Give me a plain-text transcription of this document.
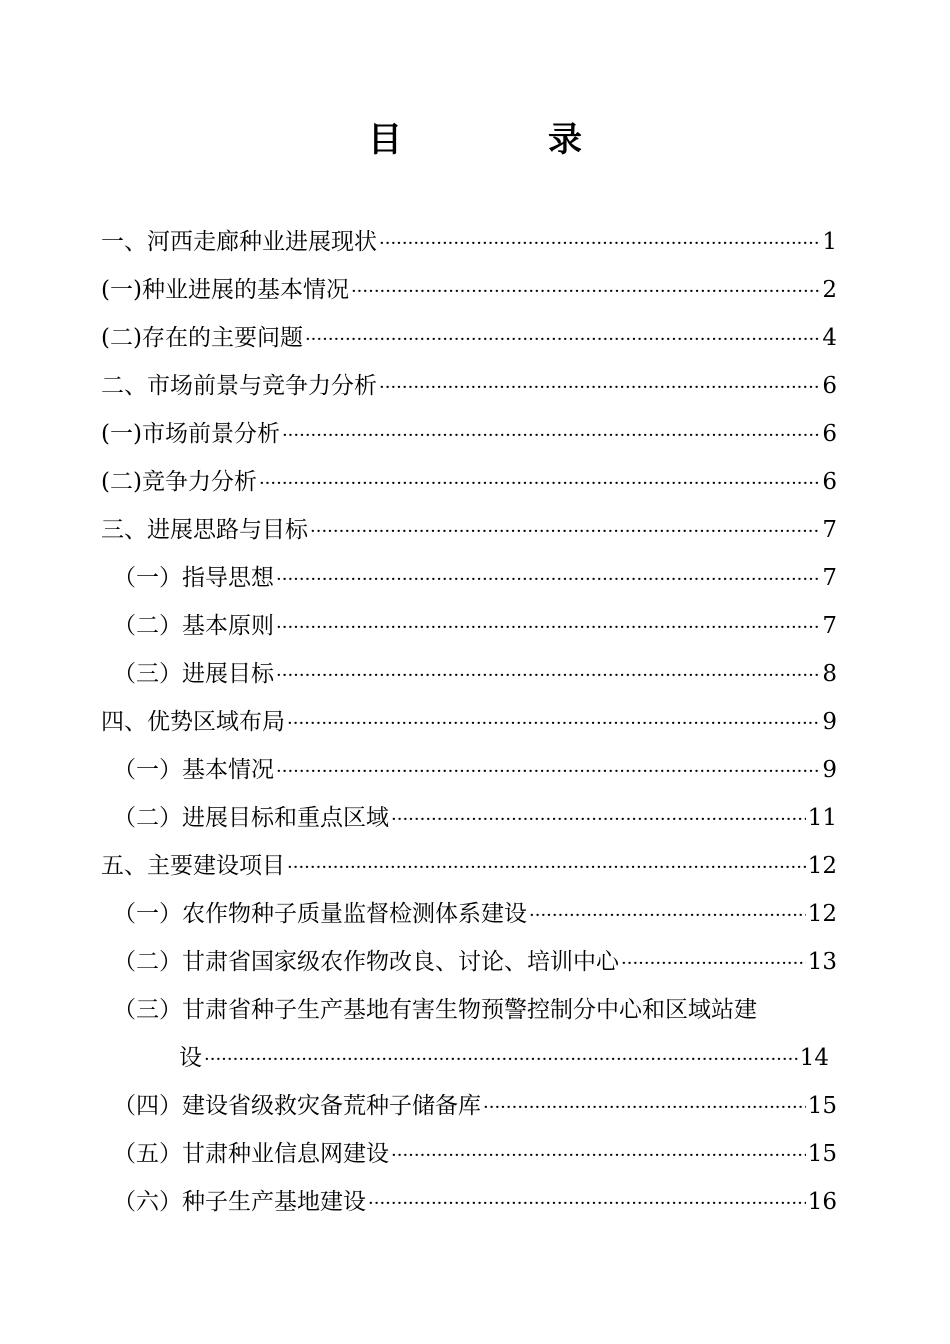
目　录
一、河西走廊种业进展现状 ·····	1
(一)种业进展的基本情况 ·····	2
(二)存在的主要问题 ·····	4
二、市场前景与竞争力分析 ·····	6
(一)市场前景分析 ·····	6
(二)竞争力分析 ·····	6
三、进展思路与目标 ·····	7
（一）指导思想 ·····	7
（二）基本原则 ·····	7
（三）进展目标 ·····	8
四、优势区域布局 ·····	9
（一）基本情况 ·····	9
（二）进展目标和重点区域 ·····	11
五、主要建设项目 ·····	12
（一）农作物种子质量监督检测体系建设 ·····	12
（二）甘肃省国家级农作物改良、讨论、培训中心 ·····	13
（三）甘肃省种子生产基地有害生物预警控制分中心和区域站建
设 ·····	14
（四）建设省级救灾备荒种子储备库 ·····	15
（五）甘肃种业信息网建设 ·····	15
（六）种子生产基地建设 ·····	16
